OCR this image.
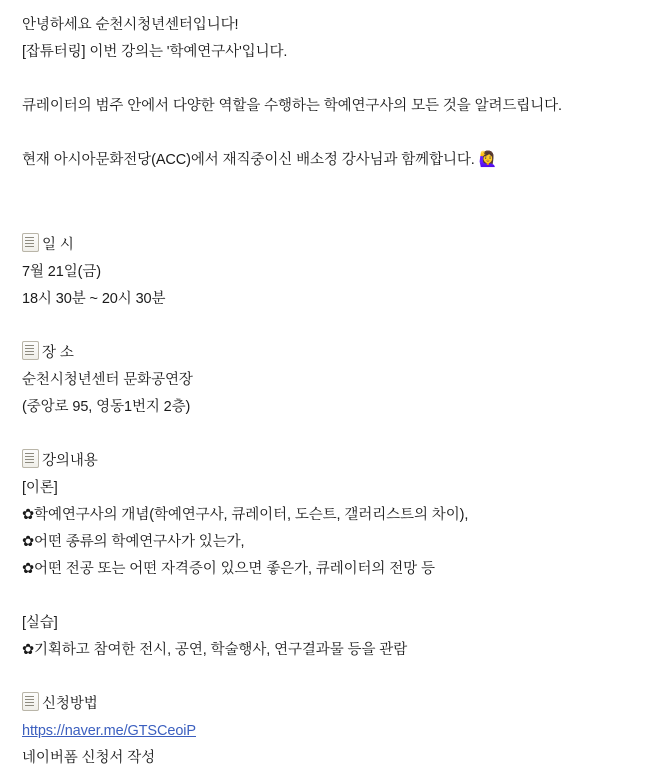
안녕하세요 순천시청년센터입니다!

[잡튜터링] 이번 강의는 '학예연구사'입니다.

큐레이터의 범주 안에서 다양한 역할을 수행하는 학예연구사의 모든 것을 알려드립니다.

현재 아시아문화전당(ACC)에서 재직중이신 배소정 강사님과 함께합니다. 🙋‍♀️

일 시

7월 21일(금)

18시 30분 ~ 20시 30분

장 소

순천시청년센터 문화공연장

(중앙로 95, 영동1번지 2층)

강의내용

[이론]

✿학예연구사의 개념(학예연구사, 큐레이터, 도슨트, 갤러리스트의 차이),

✿어떤 종류의 학예연구사가 있는가,

✿어떤 전공 또는 어떤 자격증이 있으면 좋은가, 큐레이터의 전망 등

[실습]

✿기획하고 참여한 전시, 공연, 학술행사, 연구결과물 등을 관람

신청방법

https://naver.me/GTSCeoiP

네이버폼 신청서 작성
